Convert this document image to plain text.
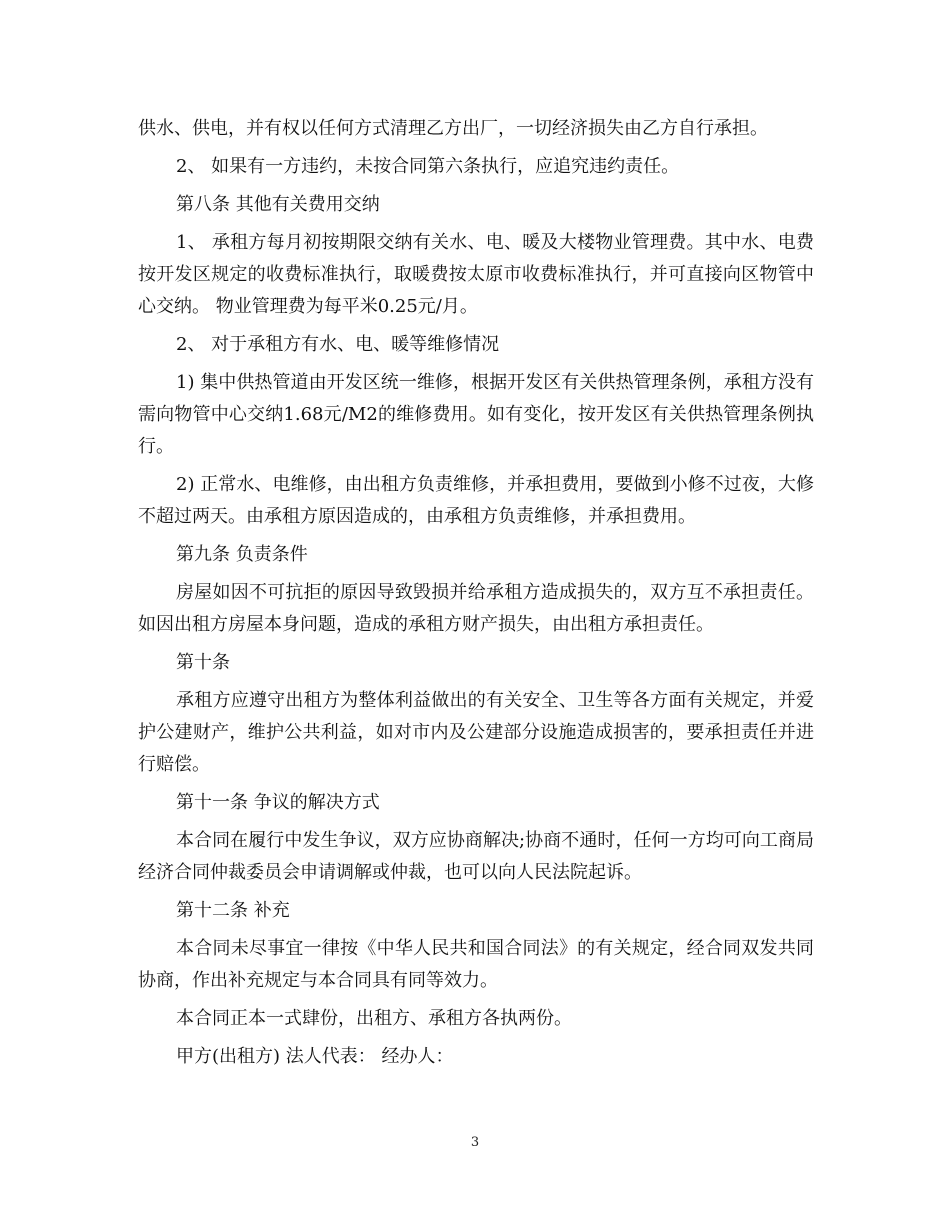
供水、供电，并有权以任何方式清理乙方出厂，一切经济损失由乙方自行承担。

2、 如果有一方违约，未按合同第六条执行，应追究违约责任。

第八条 其他有关费用交纳

1、 承租方每月初按期限交纳有关水、电、暖及大楼物业管理费。其中水、电费按开发区规定的收费标准执行，取暖费按太原市收费标准执行，并可直接向区物管中心交纳。 物业管理费为每平米0.25元/月。

2、 对于承租方有水、电、暖等维修情况

1) 集中供热管道由开发区统一维修，根据开发区有关供热管理条例，承租方没有需向物管中心交纳1.68元/M2的维修费用。如有变化，按开发区有关供热管理条例执行。

2) 正常水、电维修，由出租方负责维修，并承担费用，要做到小修不过夜，大修不超过两天。由承租方原因造成的，由承租方负责维修，并承担费用。

第九条 负责条件

房屋如因不可抗拒的原因导致毁损并给承租方造成损失的，双方互不承担责任。如因出租方房屋本身问题，造成的承租方财产损失，由出租方承担责任。

第十条

承租方应遵守出租方为整体利益做出的有关安全、卫生等各方面有关规定，并爱护公建财产，维护公共利益，如对市内及公建部分设施造成损害的，要承担责任并进行赔偿。

第十一条 争议的解决方式

本合同在履行中发生争议，双方应协商解决;协商不通时，任何一方均可向工商局经济合同仲裁委员会申请调解或仲裁，也可以向人民法院起诉。

第十二条 补充

本合同未尽事宜一律按《中华人民共和国合同法》的有关规定，经合同双发共同协商，作出补充规定与本合同具有同等效力。

本合同正本一式肆份，出租方、承租方各执两份。

甲方(出租方) 法人代表： 经办人：

3
